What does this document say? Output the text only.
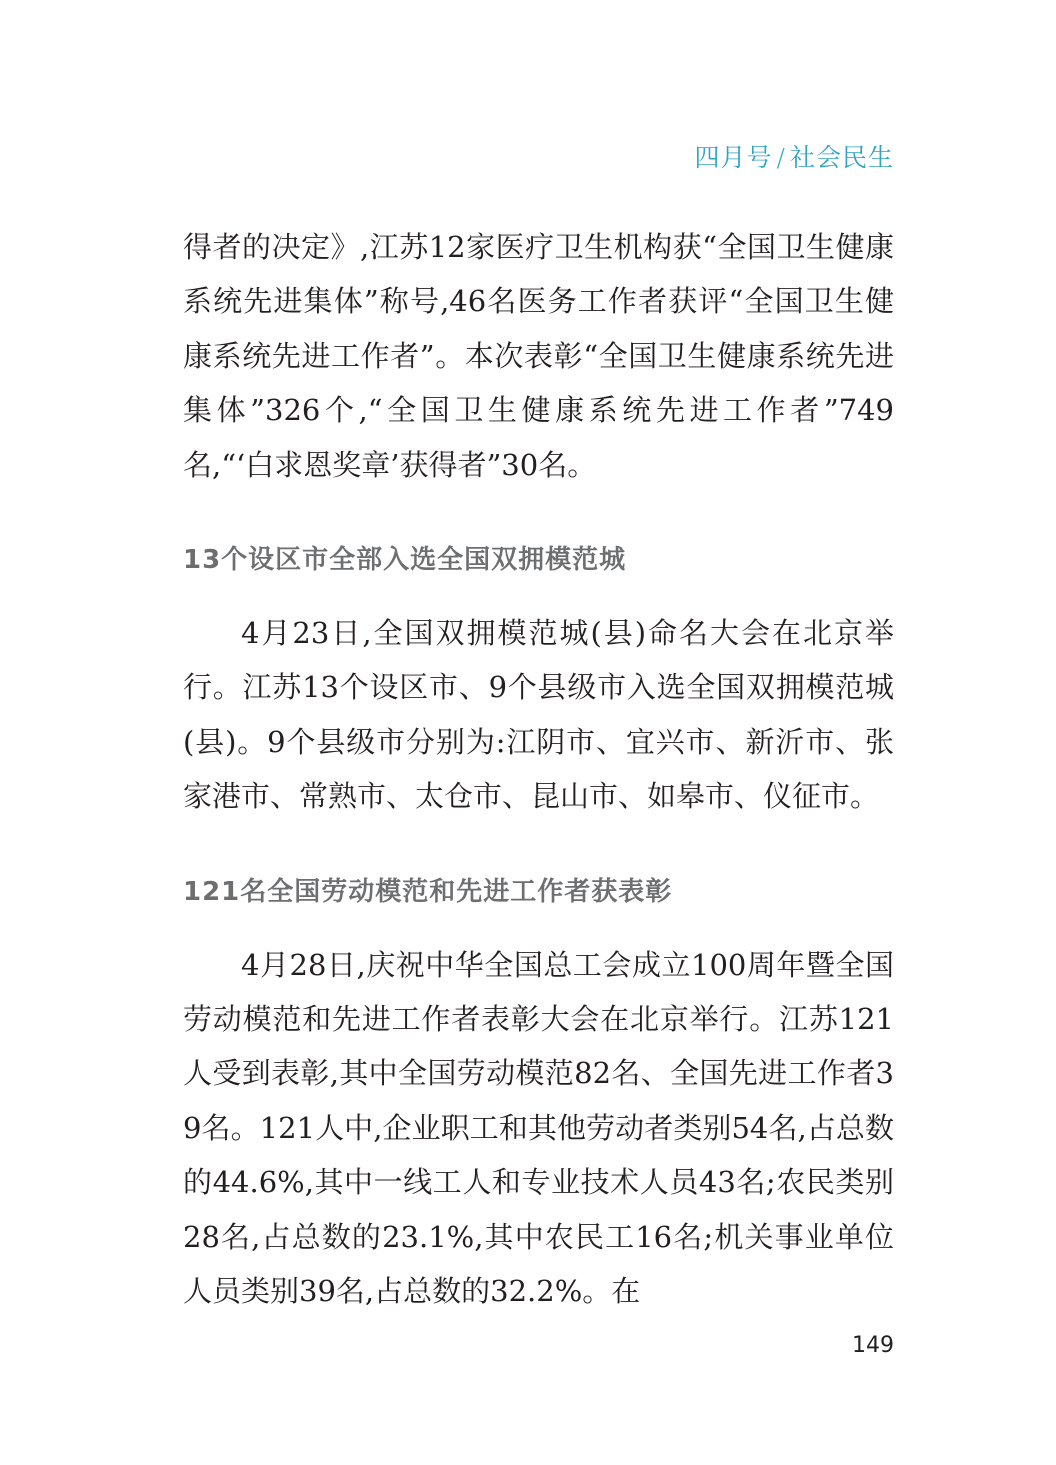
四月号 / 社会民生

得者的决定》,江苏12家医疗卫生机构获“全国卫生健康系统先进集体”称号,46名医务工作者获评“全国卫生健康系统先进工作者”。本次表彰“全国卫生健康系统先进集体”326个,“全国卫生健康系统先进工作者”749名,“‘白求恩奖章’获得者”30名。

13个设区市全部入选全国双拥模范城

4月23日,全国双拥模范城(县)命名大会在北京举行。江苏13个设区市、9个县级市入选全国双拥模范城(县)。9个县级市分别为:江阴市、宜兴市、新沂市、张家港市、常熟市、太仓市、昆山市、如皋市、仪征市。

121名全国劳动模范和先进工作者获表彰

4月28日,庆祝中华全国总工会成立100周年暨全国劳动模范和先进工作者表彰大会在北京举行。江苏121人受到表彰,其中全国劳动模范82名、全国先进工作者39名。121人中,企业职工和其他劳动者类别54名,占总数的44.6%,其中一线工人和专业技术人员43名;农民类别28名,占总数的23.1%,其中农民工16名;机关事业单位人员类别39名,占总数的32.2%。在

149
